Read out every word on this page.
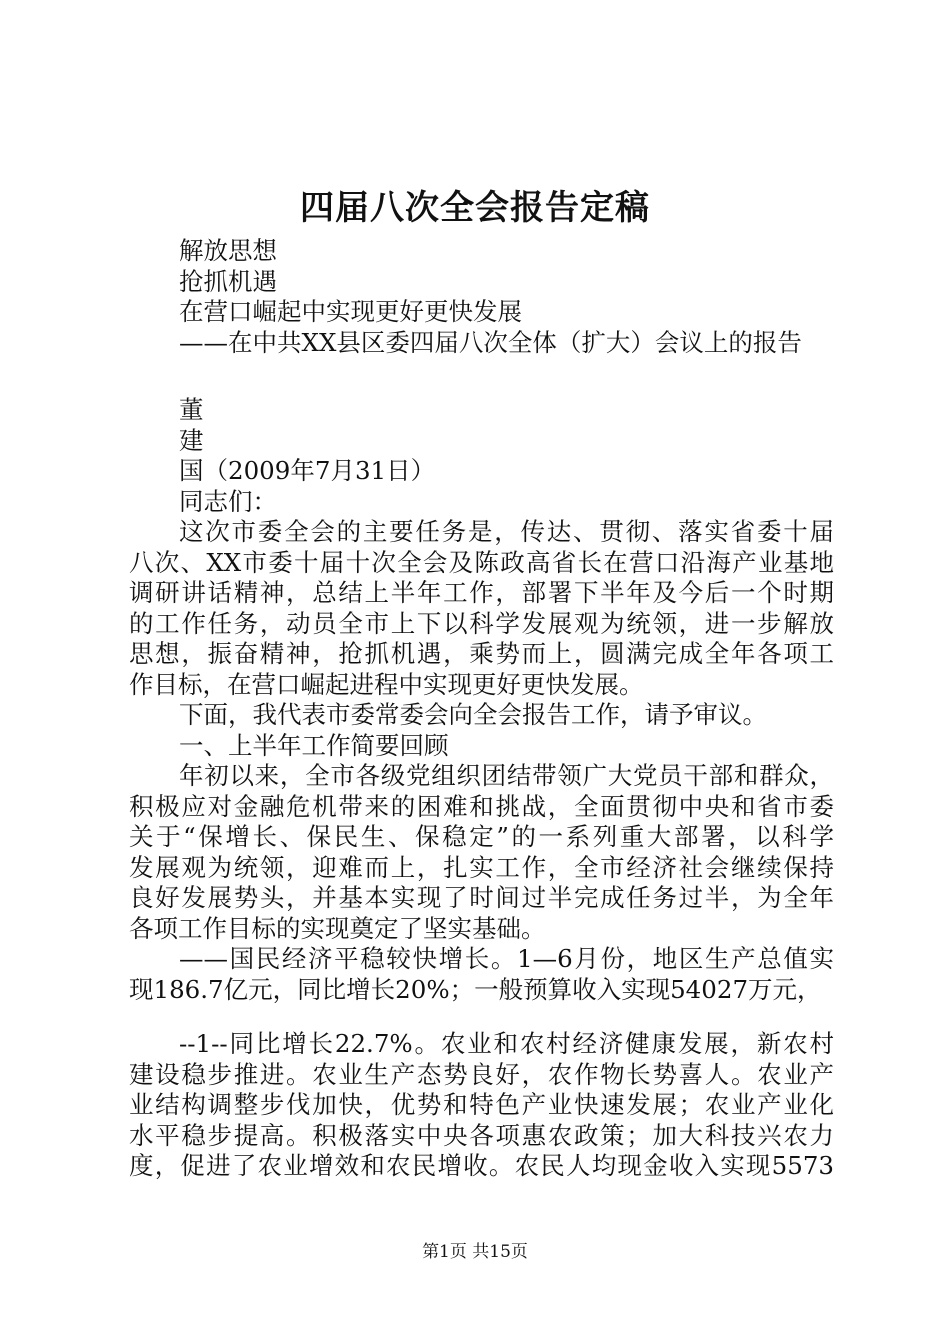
四届八次全会报告定稿
解放思想
抢抓机遇
在营口崛起中实现更好更快发展
——在中共XX县区委四届八次全体（扩大）会议上的报告
董
建
国（2009年7月31日）
同志们：
这次市委全会的主要任务是，传达、贯彻、落实省委十届
八次、XX市委十届十次全会及陈政高省长在营口沿海产业基地
调研讲话精神，总结上半年工作，部署下半年及今后一个时期
的工作任务，动员全市上下以科学发展观为统领，进一步解放
思想，振奋精神，抢抓机遇，乘势而上，圆满完成全年各项工
作目标，在营口崛起进程中实现更好更快发展。
下面，我代表市委常委会向全会报告工作，请予审议。
一、上半年工作简要回顾
年初以来，全市各级党组织团结带领广大党员干部和群众，
积极应对金融危机带来的困难和挑战，全面贯彻中央和省市委
关于“保增长、保民生、保稳定”的一系列重大部署，以科学
发展观为统领，迎难而上，扎实工作，全市经济社会继续保持
良好发展势头，并基本实现了时间过半完成任务过半，为全年
各项工作目标的实现奠定了坚实基础。
——国民经济平稳较快增长。1—6月份，地区生产总值实
现186.7亿元，同比增长20%；一般预算收入实现54027万元，
--1--同比增长22.7%。农业和农村经济健康发展，新农村
建设稳步推进。农业生产态势良好，农作物长势喜人。农业产
业结构调整步伐加快，优势和特色产业快速发展；农业产业化
水平稳步提高。积极落实中央各项惠农政策；加大科技兴农力
度，促进了农业增效和农民增收。农民人均现金收入实现5573
第1页 共15页
